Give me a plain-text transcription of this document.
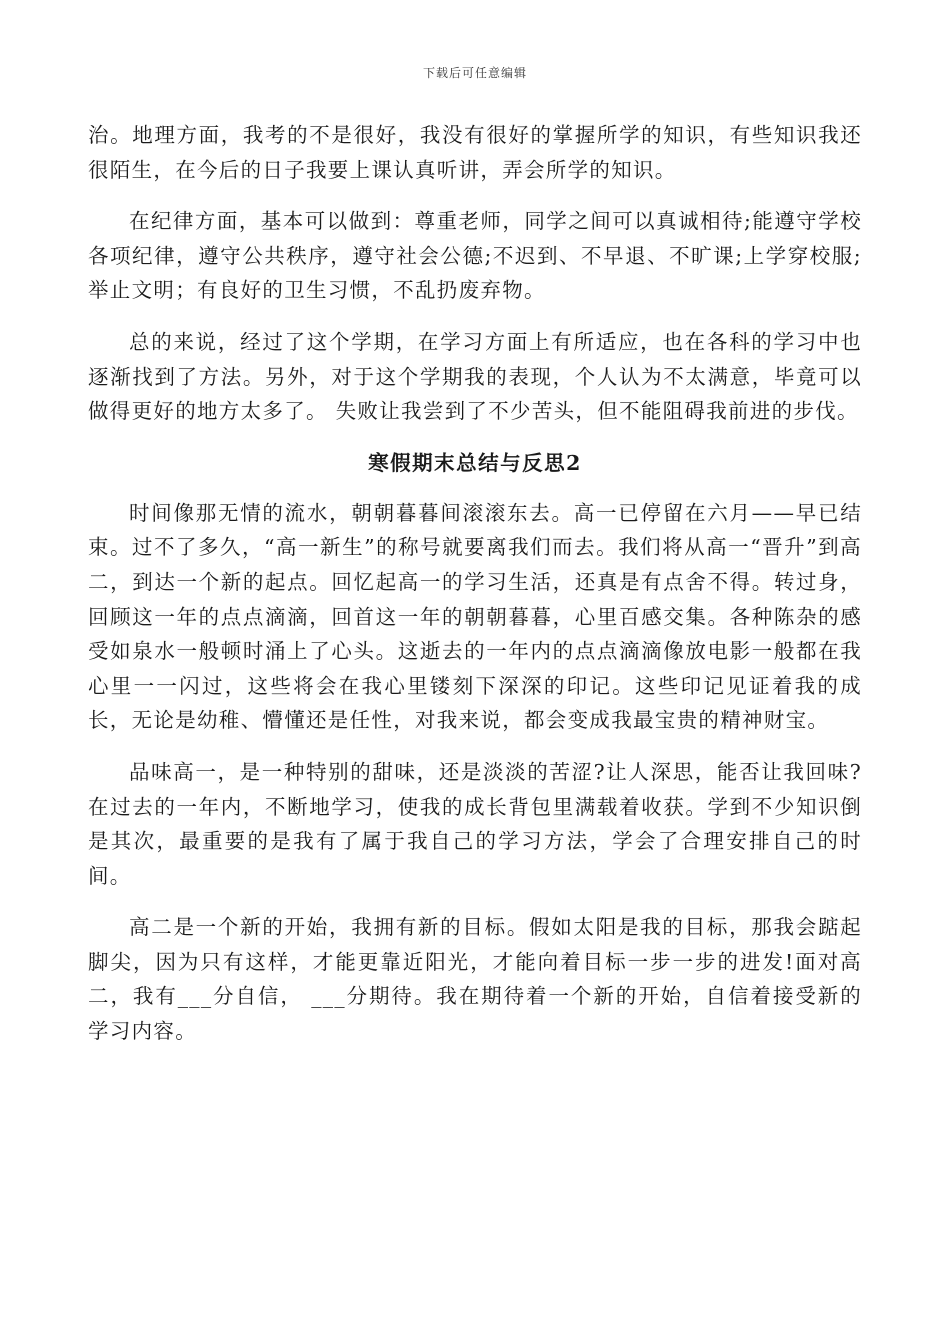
下载后可任意编辑

治。地理方面，我考的不是很好，我没有很好的掌握所学的知识，有些知识我还很陌生，在今后的日子我要上课认真听讲，弄会所学的知识。

在纪律方面，基本可以做到：尊重老师，同学之间可以真诚相待;能遵守学校各项纪律，遵守公共秩序，遵守社会公德;不迟到、不早退、不旷课;上学穿校服;举止文明；有良好的卫生习惯，不乱扔废弃物。

总的来说，经过了这个学期，在学习方面上有所适应，也在各科的学习中也逐渐找到了方法。另外，对于这个学期我的表现，个人认为不太满意，毕竟可以做得更好的地方太多了。 失败让我尝到了不少苦头，但不能阻碍我前进的步伐。

寒假期末总结与反思2

时间像那无情的流水，朝朝暮暮间滚滚东去。高一已停留在六月——早已结束。过不了多久，“高一新生”的称号就要离我们而去。我们将从高一“晋升”到高二，到达一个新的起点。回忆起高一的学习生活，还真是有点舍不得。转过身，回顾这一年的点点滴滴，回首这一年的朝朝暮暮，心里百感交集。各种陈杂的感受如泉水一般顿时涌上了心头。这逝去的一年内的点点滴滴像放电影一般都在我心里一一闪过，这些将会在我心里镂刻下深深的印记。这些印记见证着我的成长，无论是幼稚、懵懂还是任性，对我来说，都会变成我最宝贵的精神财宝。

品味高一，是一种特别的甜味，还是淡淡的苦涩?让人深思，能否让我回味? 在过去的一年内，不断地学习，使我的成长背包里满载着收获。学到不少知识倒是其次，最重要的是我有了属于我自己的学习方法，学会了合理安排自己的时间。

高二是一个新的开始，我拥有新的目标。假如太阳是我的目标，那我会踮起脚尖，因为只有这样，才能更靠近阳光，才能向着目标一步一步的进发!面对高二，我有___分自信， ___分期待。我在期待着一个新的开始，自信着接受新的学习内容。
